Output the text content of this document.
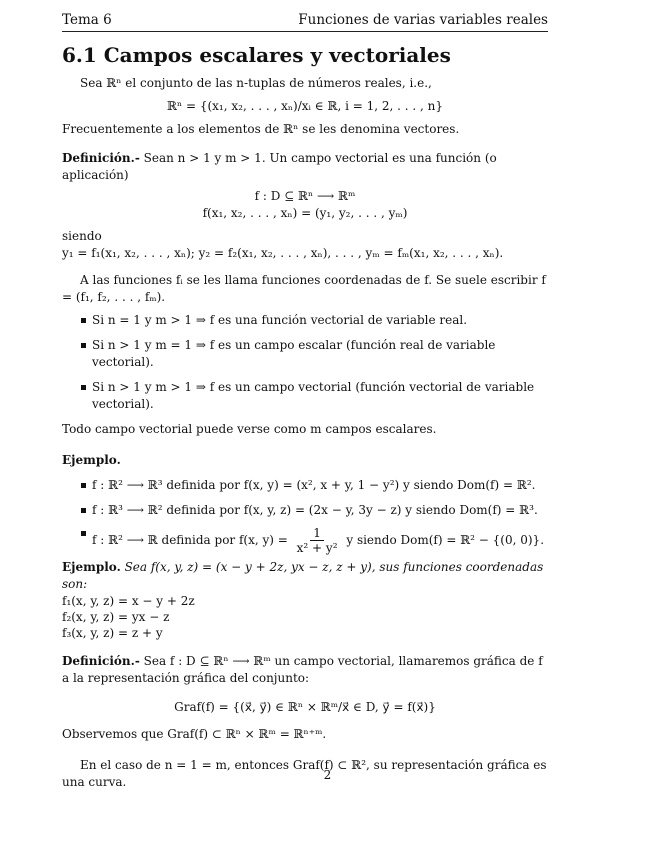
Tema 6	Funciones de varias variables reales
6.1 Campos escalares y vectoriales

Sea ℝⁿ el conjunto de las n-tuplas de números reales, i.e.,

ℝⁿ = {(x₁, x₂, . . . , xₙ)/xᵢ ∈ ℝ, i = 1, 2, . . . , n}

Frecuentemente a los elementos de ℝⁿ se les denomina vectores.

Definición.- Sean n > 1 y m > 1. Un campo vectorial es una función (o aplicación)

f : D ⊆ ℝⁿ ⟶ ℝᵐ
f(x₁, x₂, . . . , xₙ) = (y₁, y₂, . . . , yₘ)

siendo

y₁ = f₁(x₁, x₂, . . . , xₙ); y₂ = f₂(x₁, x₂, . . . , xₙ), . . . , yₘ = fₘ(x₁, x₂, . . . , xₙ).

A las funciones fᵢ se les llama funciones coordenadas de f. Se suele escribir f = (f₁, f₂, . . . , fₘ).

Si n = 1 y m > 1 ⇒ f es una función vectorial de variable real.
Si n > 1 y m = 1 ⇒ f es un campo escalar (función real de variable vectorial).
Si n > 1 y m > 1 ⇒ f es un campo vectorial (función vectorial de variable vectorial).

Todo campo vectorial puede verse como m campos escalares.

Ejemplo.

f : ℝ² ⟶ ℝ³ definida por f(x, y) = (x², x + y, 1 − y²) y siendo Dom(f) = ℝ².
f : ℝ³ ⟶ ℝ² definida por f(x, y, z) = (2x − y, 3y − z) y siendo Dom(f) = ℝ³.
f : ℝ² ⟶ ℝ definida por f(x, $y) = \frac{1}{\text{x² + y²}}$ y siendo Dom(f) = ℝ² − {(0, 0)}.

Ejemplo. Sea f(x, y, z) = (x − y + 2z, yx − z, z + y), sus funciones coordenadas son:

f₁(x, y, z) = x − y + 2z

f₂(x, y, z) = yx − z

f₃(x, y, z) = z + y

Definición.- Sea f : D ⊆ ℝⁿ ⟶ ℝᵐ un campo vectorial, llamaremos gráfica de f a la representación gráfica del conjunto:

Graf(f) = {(x⃗, y⃗) ∈ ℝⁿ × ℝᵐ/x⃗ ∈ D, y⃗ = f(x⃗)}

Observemos que Graf(f) ⊂ ℝⁿ × ℝᵐ = ℝⁿ⁺ᵐ.

En el caso de n = 1 = m, entonces Graf(f) ⊂ ℝ², su representación gráfica es una curva.	2
